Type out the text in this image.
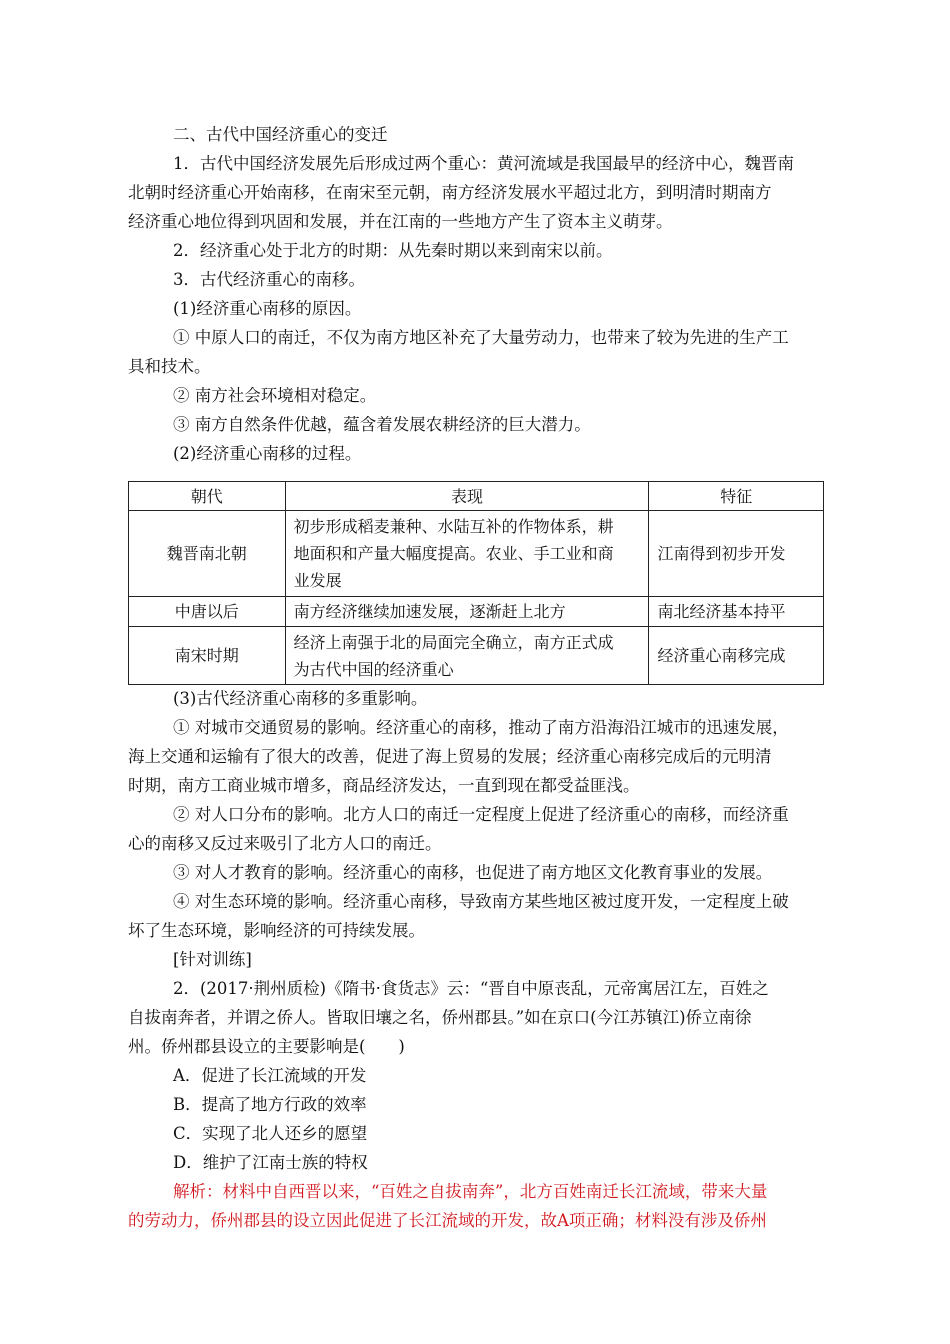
二、古代中国经济重心的变迁
1．古代中国经济发展先后形成过两个重心：黄河流域是我国最早的经济中心，魏晋南
北朝时经济重心开始南移，在南宋至元朝，南方经济发展水平超过北方，到明清时期南方
经济重心地位得到巩固和发展，并在江南的一些地方产生了资本主义萌芽。
2．经济重心处于北方的时期：从先秦时期以来到南宋以前。
3．古代经济重心的南移。
(1)经济重心南移的原因。
① 中原人口的南迁，不仅为南方地区补充了大量劳动力，也带来了较为先进的生产工
具和技术。
② 南方社会环境相对稳定。
③ 南方自然条件优越，蕴含着发展农耕经济的巨大潜力。
(2)经济重心南移的过程。
朝代	表现	特征
魏晋南北朝	初步形成稻麦兼种、水陆互补的作物体系，耕
地面积和产量大幅度提高。农业、手工业和商
业发展	江南得到初步开发
中唐以后	南方经济继续加速发展，逐渐赶上北方	南北经济基本持平
南宋时期	经济上南强于北的局面完全确立，南方正式成
为古代中国的经济重心	经济重心南移完成
(3)古代经济重心南移的多重影响。
① 对城市交通贸易的影响。经济重心的南移，推动了南方沿海沿江城市的迅速发展，
海上交通和运输有了很大的改善，促进了海上贸易的发展；经济重心南移完成后的元明清
时期，南方工商业城市增多，商品经济发达，一直到现在都受益匪浅。
② 对人口分布的影响。北方人口的南迁一定程度上促进了经济重心的南移，而经济重
心的南移又反过来吸引了北方人口的南迁。
③ 对人才教育的影响。经济重心的南移，也促进了南方地区文化教育事业的发展。
④ 对生态环境的影响。经济重心南移，导致南方某些地区被过度开发，一定程度上破
坏了生态环境，影响经济的可持续发展。
[针对训练]
2．(2017·荆州质检)《隋书·食货志》云：“晋自中原丧乱，元帝寓居江左，百姓之
自拔南奔者，并谓之侨人。皆取旧壤之名，侨州郡县。”如在京口(今江苏镇江)侨立南徐
州。侨州郡县设立的主要影响是(　　)
A．促进了长江流域的开发
B．提高了地方行政的效率
C．实现了北人还乡的愿望
D．维护了江南士族的特权
解析：材料中自西晋以来，“百姓之自拔南奔”，北方百姓南迁长江流域，带来大量
的劳动力，侨州郡县的设立因此促进了长江流域的开发，故A项正确；材料没有涉及侨州
